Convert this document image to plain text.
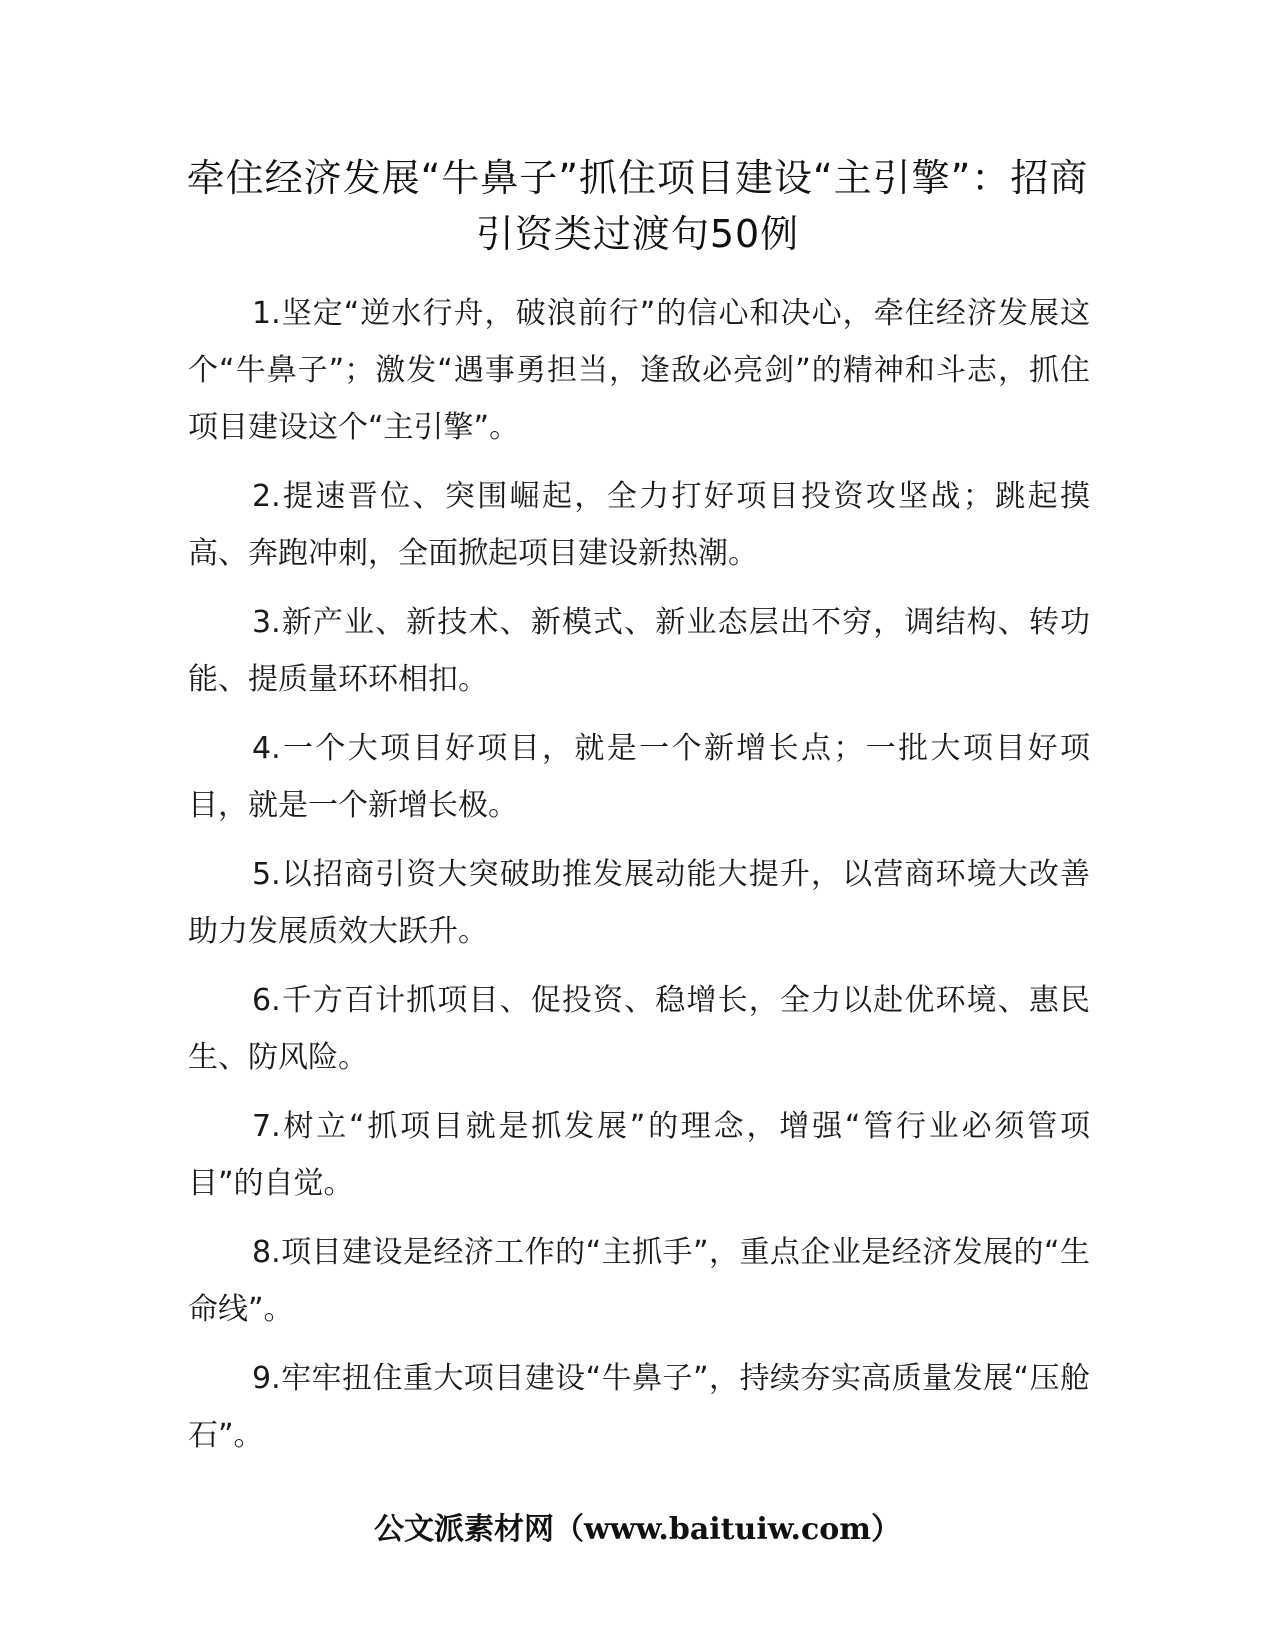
牵住经济发展“牛鼻子”抓住项目建设“主引擎”：招商引资类过渡句50例

1.坚定“逆水行舟，破浪前行”的信心和决心，牵住经济发展这个“牛鼻子”；激发“遇事勇担当，逢敌必亮剑”的精神和斗志，抓住项目建设这个“主引擎”。

2.提速晋位、突围崛起，全力打好项目投资攻坚战；跳起摸高、奔跑冲刺，全面掀起项目建设新热潮。

3.新产业、新技术、新模式、新业态层出不穷，调结构、转功能、提质量环环相扣。

4.一个大项目好项目，就是一个新增长点；一批大项目好项目，就是一个新增长极。

5.以招商引资大突破助推发展动能大提升，以营商环境大改善助力发展质效大跃升。

6.千方百计抓项目、促投资、稳增长，全力以赴优环境、惠民生、防风险。

7.树立“抓项目就是抓发展”的理念，增强“管行业必须管项目”的自觉。

8.项目建设是经济工作的“主抓手”，重点企业是经济发展的“生命线”。

9.牢牢扭住重大项目建设“牛鼻子”，持续夯实高质量发展“压舱石”。

公文派素材网（www.baituiw.com）
